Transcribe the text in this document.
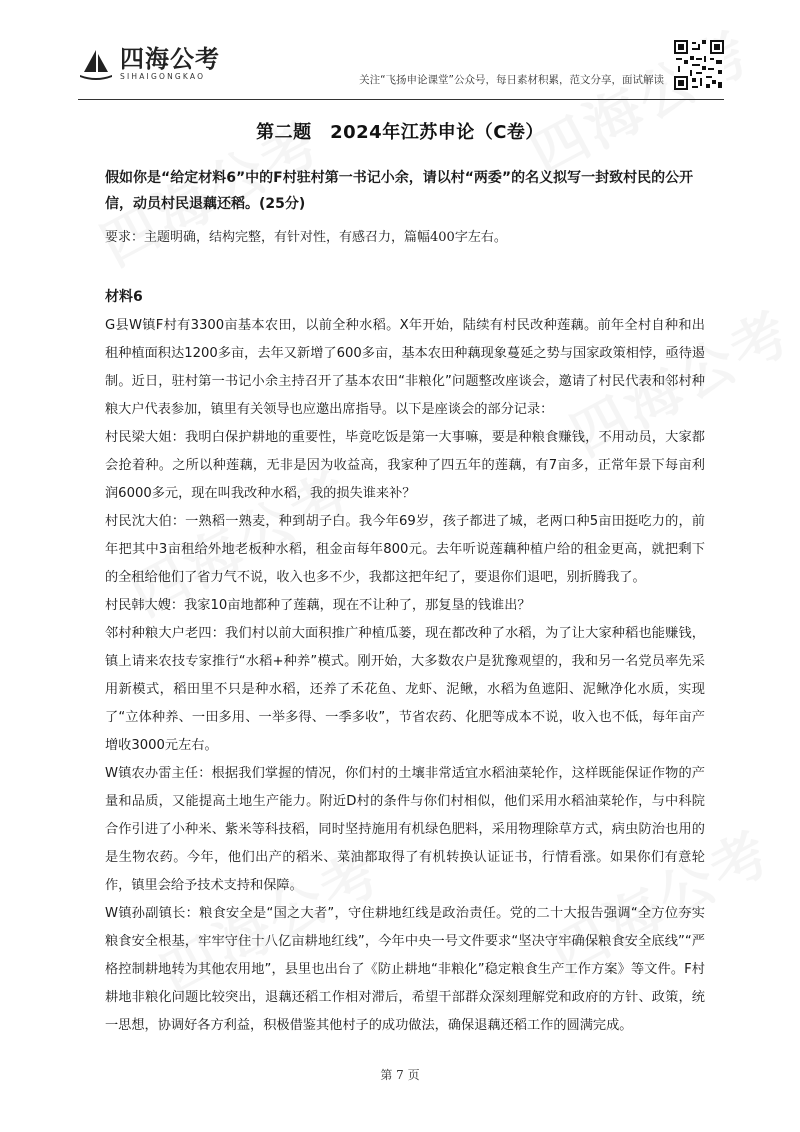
四海公考
SIHAIGONGKAO	关注“飞扬申论课堂”公众号，每日素材积累，范文分享，面试解读
第二题　2024年江苏申论（C卷）
假如你是“给定材料6”中的F村驻村第一书记小余，请以村“两委”的名义拟写一封致村民的公开信，动员村民退藕还稻。(25分)
要求：主题明确，结构完整，有针对性，有感召力，篇幅400字左右。
材料6

G县W镇F村有3300亩基本农田，以前全种水稻。X年开始，陆续有村民改种莲藕。前年全村自种和出租种植面积达1200多亩，去年又新增了600多亩，基本农田种藕现象蔓延之势与国家政策相悖，亟待遏制。近日，驻村第一书记小余主持召开了基本农田“非粮化”问题整改座谈会，邀请了村民代表和邻村种粮大户代表参加，镇里有关领导也应邀出席指导。以下是座谈会的部分记录：

村民梁大姐：我明白保护耕地的重要性，毕竟吃饭是第一大事嘛，要是种粮食赚钱，不用动员，大家都会抢着种。之所以种莲藕，无非是因为收益高，我家种了四五年的莲藕，有7亩多，正常年景下每亩利润6000多元，现在叫我改种水稻，我的损失谁来补？

村民沈大伯：一熟稻一熟麦，种到胡子白。我今年69岁，孩子都进了城，老两口种5亩田挺吃力的，前年把其中3亩租给外地老板种水稻，租金亩每年800元。去年听说莲藕种植户给的租金更高，就把剩下的全租给他们了省力气不说，收入也多不少，我都这把年纪了，要退你们退吧，别折腾我了。

村民韩大嫂：我家10亩地都种了莲藕，现在不让种了，那复垦的钱谁出？

邻村种粮大户老四：我们村以前大面积推广种植瓜蒌，现在都改种了水稻，为了让大家种稻也能赚钱，镇上请来农技专家推行“水稻+种养”模式。刚开始，大多数农户是犹豫观望的，我和另一名党员率先采用新模式，稻田里不只是种水稻，还养了禾花鱼、龙虾、泥鳅，水稻为鱼遮阳、泥鳅净化水质，实现了“立体种养、一田多用、一举多得、一季多收”，节省农药、化肥等成本不说，收入也不低，每年亩产增收3000元左右。

W镇农办雷主任：根据我们掌握的情况，你们村的土壤非常适宜水稻油菜轮作，这样既能保证作物的产量和品质，又能提高土地生产能力。附近D村的条件与你们村相似，他们采用水稻油菜轮作，与中科院合作引进了小种米、紫米等科技稻，同时坚持施用有机绿色肥料，采用物理除草方式，病虫防治也用的是生物农药。今年，他们出产的稻米、菜油都取得了有机转换认证证书，行情看涨。如果你们有意轮作，镇里会给予技术支持和保障。

W镇孙副镇长：粮食安全是“国之大者”，守住耕地红线是政治责任。党的二十大报告强调“全方位夯实粮食安全根基，牢牢守住十八亿亩耕地红线”，今年中央一号文件要求“坚决守牢确保粮食安全底线”“严格控制耕地转为其他农用地”，县里也出台了《防止耕地“非粮化”稳定粮食生产工作方案》等文件。F村耕地非粮化问题比较突出，退藕还稻工作相对滞后，希望干部群众深刻理解党和政府的方针、政策，统一思想，协调好各方利益，积极借鉴其他村子的成功做法，确保退藕还稻工作的圆满完成。

第 7 页
